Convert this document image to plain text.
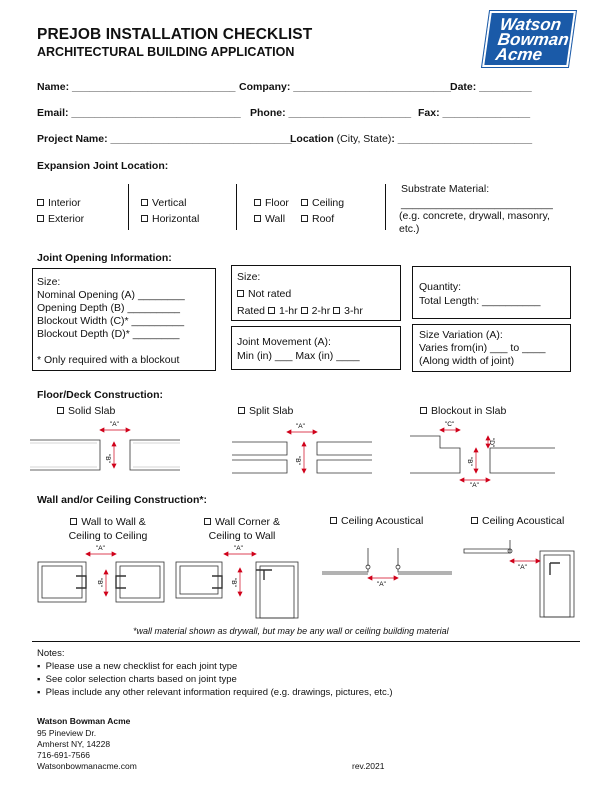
PREJOB INSTALLATION CHECKLIST
ARCHITECTURAL BUILDING APPLICATION
Watson
Bowman
Acme
Name: ____________________________ Company: ___________________________ Date: _________
Email: _____________________________ Phone: _____________________ Fax: _______________
Project Name: _______________________________
Location (City, State): _______________________
Expansion Joint Location:
Interior
Exterior
Vertical
Horizontal
Floor
Wall
Ceiling
Roof
Substrate Material:
__________________________
(e.g. concrete, drywall, masonry, etc.)
Joint Opening Information:
Size:
Nominal Opening (A) ________
Opening Depth (B) _________
Blockout Width (C)* _________
Blockout Depth (D)* ________
* Only required with a blockout
Size:
Not rated
Rated 1-hr 2-hr 3-hr
Joint Movement (A):
Min (in) ___ Max (in) ____
Quantity:
Total Length: __________
Size Variation (A):
Varies from(in) ___ to ____
(Along width of joint)
Floor/Deck Construction:
Solid Slab	Split Slab	Blockout in Slab
"A"
"B"
"A"
"B"
"C"
"D"
"B"
"A"
Wall and/or Ceiling Construction*:
Wall to Wall &
Ceiling to Ceiling
Wall Corner &
Ceiling to Wall
Ceiling Acoustical	Ceiling Acoustical
"A"
"B"
"A"
"B"	"A"
"A"
*wall material shown as drywall, but may be any wall or ceiling building material
Notes:
▪  Please use a new checklist for each joint type
▪  See color selection charts based on joint type
▪  Pleas include any other relevant information required (e.g. drawings, pictures, etc.)
Watson Bowman Acme
95 Pineview Dr.
Amherst NY, 14228
716-691-7566
Watsonbowmanacme.com	rev.2021
